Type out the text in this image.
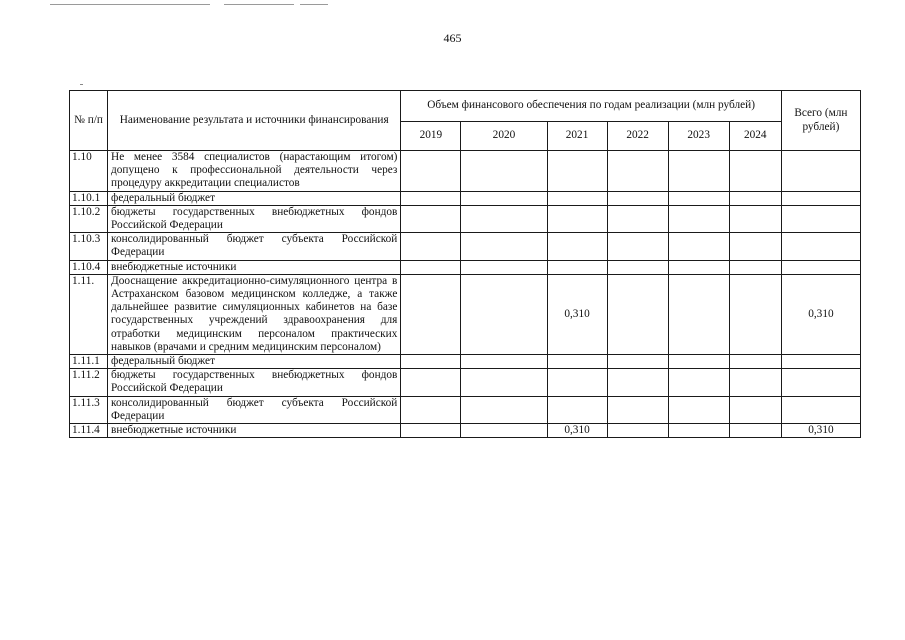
465
№ п/п	Наименование результата и источники финансирования	Объем финансового обеспечения по годам реализации (млн рублей)						Всего (млн рублей)
		2019	2020	2021	2022	2023	2024	
1.10	Не менее 3584 специалистов (нарастающим итогом) допущено к профессиональной деятельности через процедуру аккредитации специалистов							
1.10.1	федеральный бюджет							
1.10.2	бюджеты государственных внебюджетных фондов Российской Федерации							
1.10.3	консолидированный бюджет субъекта Российской Федерации							
1.10.4	внебюджетные источники							
1.11.	Дооснащение аккредитационно-симуляционного центра в Астраханском базовом медицинском колледже, а также дальнейшее развитие симуляционных кабинетов на базе государственных учреждений здравоохранения для отработки медицинским персоналом практических навыков (врачами и средним медицинским персоналом)			0,310				0,310
1.11.1	федеральный бюджет							
1.11.2	бюджеты государственных внебюджетных фондов Российской Федерации							
1.11.3	консолидированный бюджет субъекта Российской Федерации							
1.11.4	внебюджетные источники			0,310				0,310
